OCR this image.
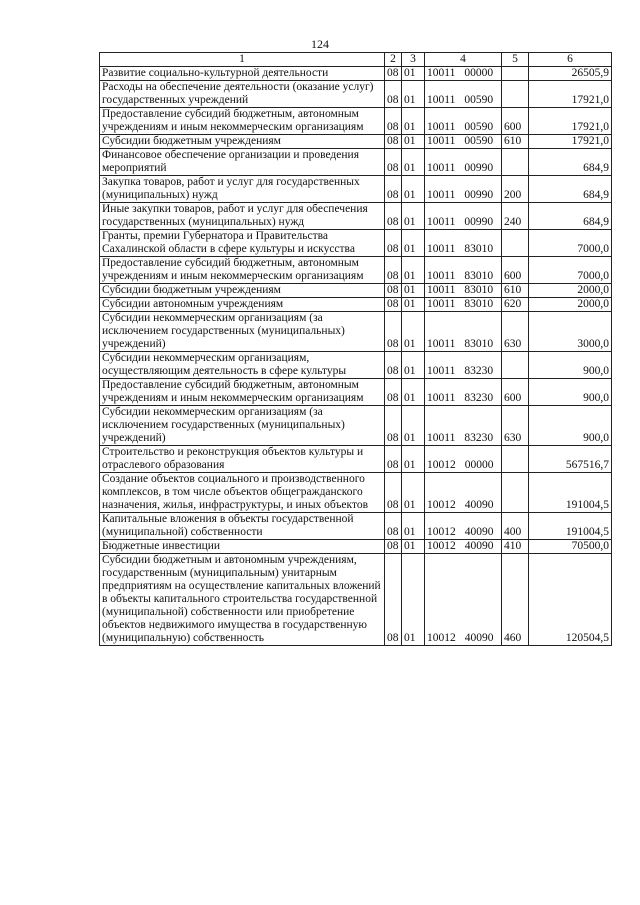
124
1	2	3	4	5	6
Развитие социально-культурной деятельности	08	01	10011 00000		26505,9
Расходы на обеспечение деятельности (оказание услуг) государственных учреждений	08	01	10011 00590		17921,0
Предоставление субсидий бюджетным, автономным учреждениям и иным некоммерческим организациям	08	01	10011 00590	600	17921,0
Субсидии бюджетным учреждениям	08	01	10011 00590	610	17921,0
Финансовое обеспечение организации и проведения мероприятий	08	01	10011 00990		684,9
Закупка товаров, работ и услуг для государственных (муниципальных) нужд	08	01	10011 00990	200	684,9
Иные закупки товаров, работ и услуг для обеспечения государственных (муниципальных) нужд	08	01	10011 00990	240	684,9
Гранты, премии Губернатора и Правительства Сахалинской области в сфере культуры и искусства	08	01	10011 83010		7000,0
Предоставление субсидий бюджетным, автономным учреждениям и иным некоммерческим организациям	08	01	10011 83010	600	7000,0
Субсидии бюджетным учреждениям	08	01	10011 83010	610	2000,0
Субсидии автономным учреждениям	08	01	10011 83010	620	2000,0
Субсидии некоммерческим организациям (за исключением государственных (муниципальных) учреждений)	08	01	10011 83010	630	3000,0
Субсидии некоммерческим организациям, осуществляющим деятельность в сфере культуры	08	01	10011 83230		900,0
Предоставление субсидий бюджетным, автономным учреждениям и иным некоммерческим организациям	08	01	10011 83230	600	900,0
Субсидии некоммерческим организациям (за исключением государственных (муниципальных) учреждений)	08	01	10011 83230	630	900,0
Строительство и реконструкция объектов культуры и отраслевого образования	08	01	10012 00000		567516,7
Создание объектов социального и производственного комплексов, в том числе объектов общегражданского назначения, жилья, инфраструктуры, и иных объектов	08	01	10012 40090		191004,5
Капитальные вложения в объекты государственной (муниципальной) собственности	08	01	10012 40090	400	191004,5
Бюджетные инвестиции	08	01	10012 40090	410	70500,0
Субсидии бюджетным и автономным учреждениям, государственным (муниципальным) унитарным предприятиям на осуществление капитальных вложений в объекты капитального строительства государственной (муниципальной) собственности или приобретение объектов недвижимого имущества в государственную (муниципальную) собственность	08	01	10012 40090	460	120504,5
